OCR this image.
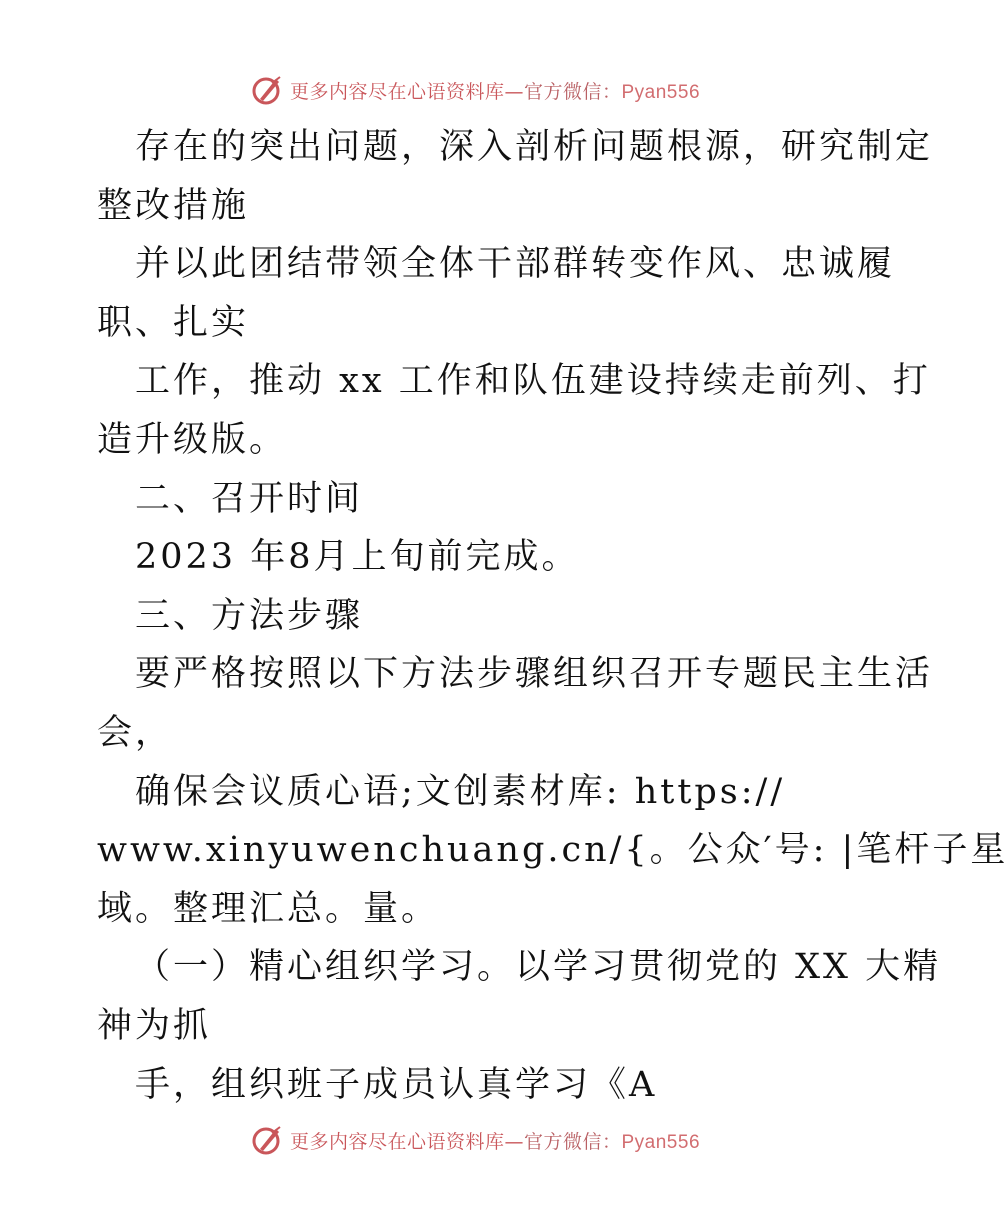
更多内容尽在心语资料库—官方微信：Pyan556
存在的突出问题，深入剖析问题根源，研究制定
整改措施
并以此团结带领全体干部群转变作风、忠诚履
职、扎实
工作，推动 xx 工作和队伍建设持续走前列、打
造升级版。
二、召开时间
2023 年8月上旬前完成。
三、方法步骤
要严格按照以下方法步骤组织召开专题民主生活
会，
确保会议质心语;文创素材库: https://
www.xinyuwenchuang.cn/{。公众′号: |笔杆子星
域。整理汇总。量。
（一）精心组织学习。以学习贯彻党的 XX 大精
神为抓
手，组织班子成员认真学习《A
更多内容尽在心语资料库—官方微信：Pyan556
